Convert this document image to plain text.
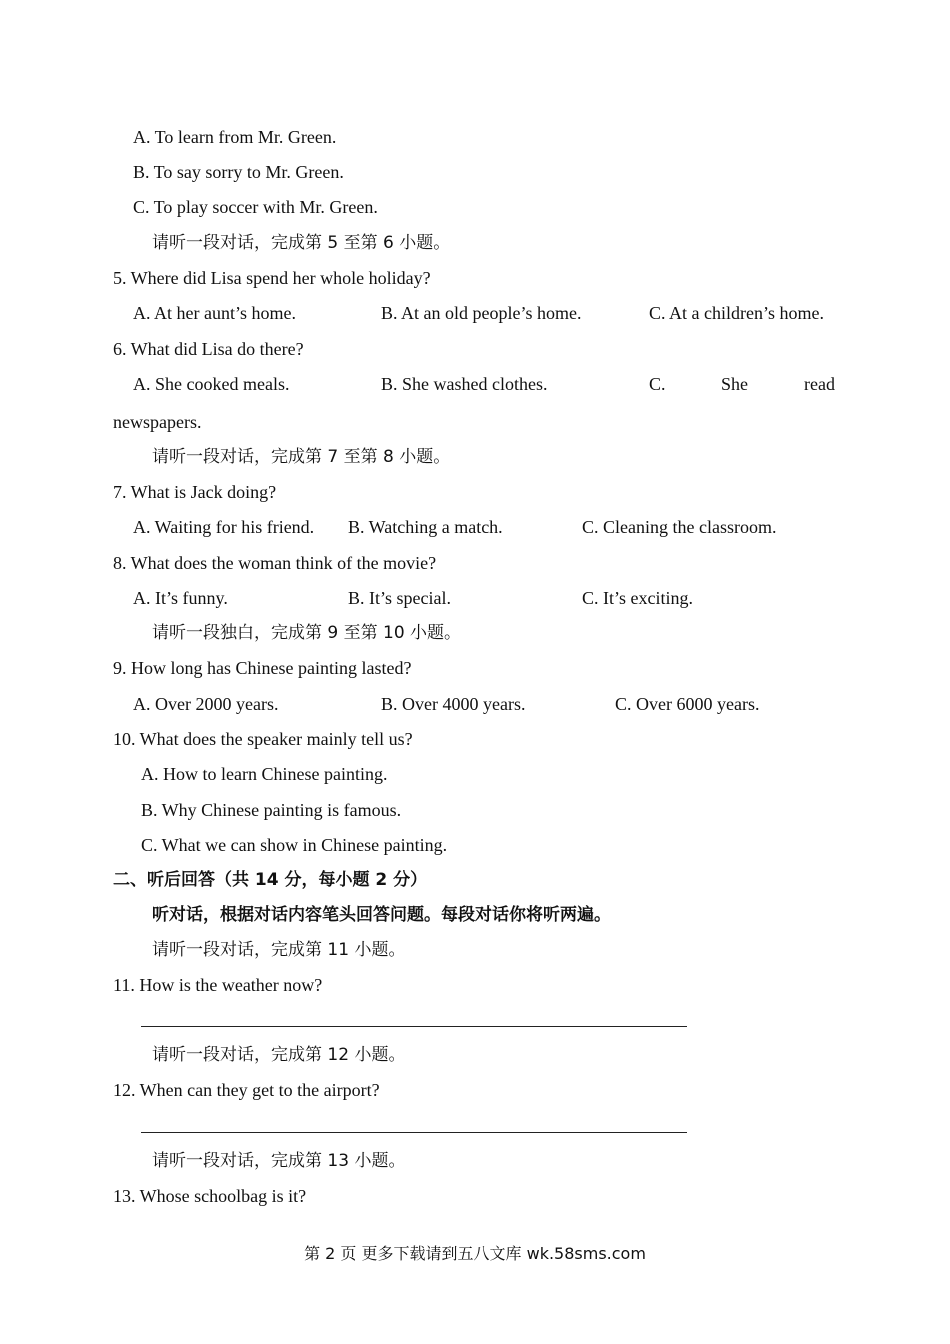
A. To learn from Mr. Green.
B. To say sorry to Mr. Green.
C. To play soccer with Mr. Green.
请听一段对话，完成第 5 至第 6 小题。
5. Where did Lisa spend her whole holiday?
A. At her aunt’s home.	B. At an old people’s home.	C. At a children’s home.
6. What did Lisa do there?
A. She cooked meals.	B. She washed clothes.	C.	She	read
newspapers.
请听一段对话，完成第 7 至第 8 小题。
7. What is Jack doing?
A. Waiting for his friend. B. Watching a match.	C. Cleaning the classroom.
8. What does the woman think of the movie?
A. It’s funny.	B. It’s special.	C. It’s exciting.
请听一段独白，完成第 9 至第 10 小题。
9. How long has Chinese painting lasted?
A. Over 2000 years.	B. Over 4000 years.	C. Over 6000 years.
10. What does the speaker mainly tell us?
A. How to learn Chinese painting.
B. Why Chinese painting is famous.
C. What we can show in Chinese painting.
二、听后回答（共 14 分，每小题 2 分）
听对话，根据对话内容笔头回答问题。每段对话你将听两遍。
请听一段对话，完成第 11 小题。
11. How is the weather now?
请听一段对话，完成第 12 小题。
12. When can they get to the airport?
请听一段对话，完成第 13 小题。
13. Whose schoolbag is it?
第 2 页 更多下载请到五八文库 wk.58sms.com
